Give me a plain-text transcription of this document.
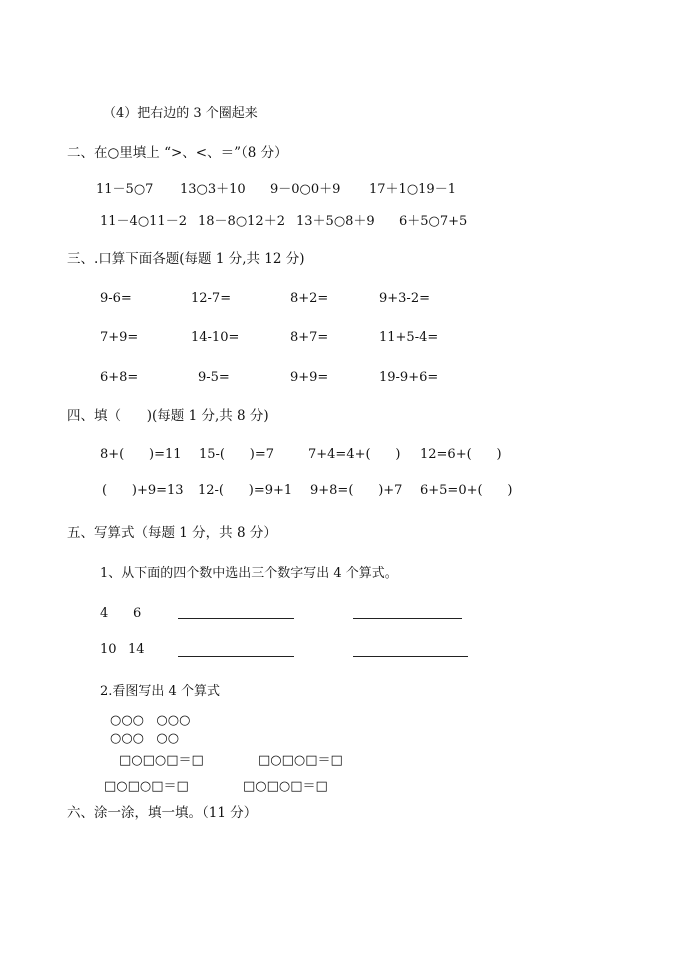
（4）把右边的 3 个圈起来
二、在○里填上 “>、<、＝”（8 分）
11－5○7 13○3＋10 9－0○0＋9 17＋1○19－1
11－4○11－2 18－8○12＋2 13＋5○8＋9 6＋5○7+5
三、.口算下面各题(每题 1 分,共 12 分)
9-6=	12-7=	8+2=	9+3-2=
7+9=	14-10=	8+7=	11+5-4=
6+8=	9-5=	9+9=	19-9+6=
四、填（      )(每题 1 分,共 8 分)
8+(      )=11 15-(      )=7	7+4=4+(      ) 12=6+(      )
(      )+9=13 12-(      )=9+1 9+8=(      )+7 6+5=0+(      )
五、写算式（每题 1 分，共 8 分）
1、从下面的四个数中选出三个数字写出 4 个算式。
4 6
10 14
2.看图写出 4 个算式
○○○   ○○○
○○○   ○○
□○□○□＝□	□○□○□＝□
□○□○□＝□	□○□○□＝□
六、涂一涂，填一填。（11 分）
